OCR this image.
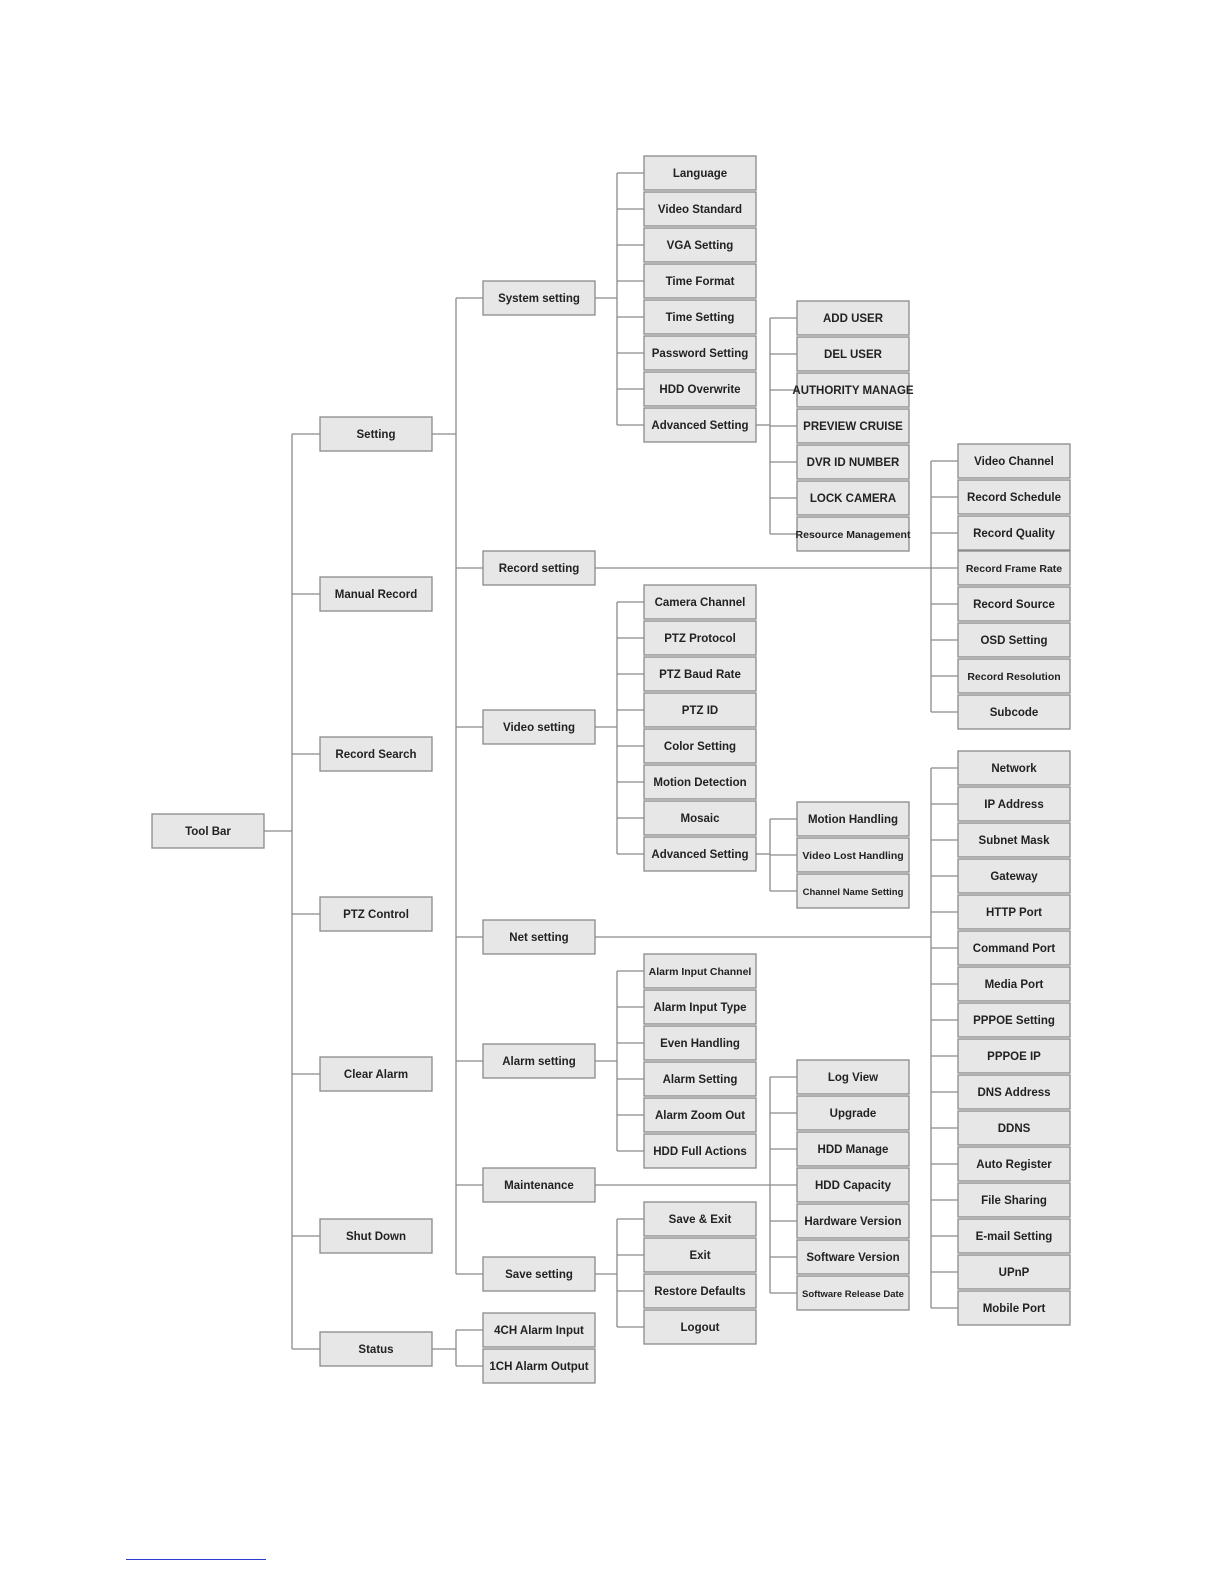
Tool Bar
Setting
Manual Record
Record Search
PTZ Control
Clear Alarm
Shut Down
Status
System setting
Record setting
Video setting
Net setting
Alarm setting
Maintenance
Save setting
4CH Alarm Input
1CH Alarm Output
Language
Video Standard
VGA Setting
Time Format
Time Setting
Password Setting
HDD Overwrite
Advanced Setting
ADD USER
DEL USER
AUTHORITY MANAGE
PREVIEW CRUISE
DVR ID NUMBER
LOCK CAMERA
Resource Management
Video Channel
Record Schedule
Record Quality
Record Frame Rate
Record Source
OSD Setting
Record Resolution
Subcode
Camera Channel
PTZ Protocol
PTZ Baud Rate
PTZ ID
Color Setting
Motion Detection
Mosaic
Advanced Setting
Motion Handling
Video Lost Handling
Channel Name Setting
Network
IP Address
Subnet Mask
Gateway
HTTP Port
Command Port
Media Port
PPPOE Setting
PPPOE IP
DNS Address
DDNS
Auto Register
File Sharing
E-mail Setting
UPnP
Mobile Port
Alarm Input Channel
Alarm Input Type
Even Handling
Alarm Setting
Alarm Zoom Out
HDD Full Actions
Log View
Upgrade
HDD Manage
HDD Capacity
Hardware Version
Software Version
Software Release Date
Save & Exit
Exit
Restore Defaults
Logout
